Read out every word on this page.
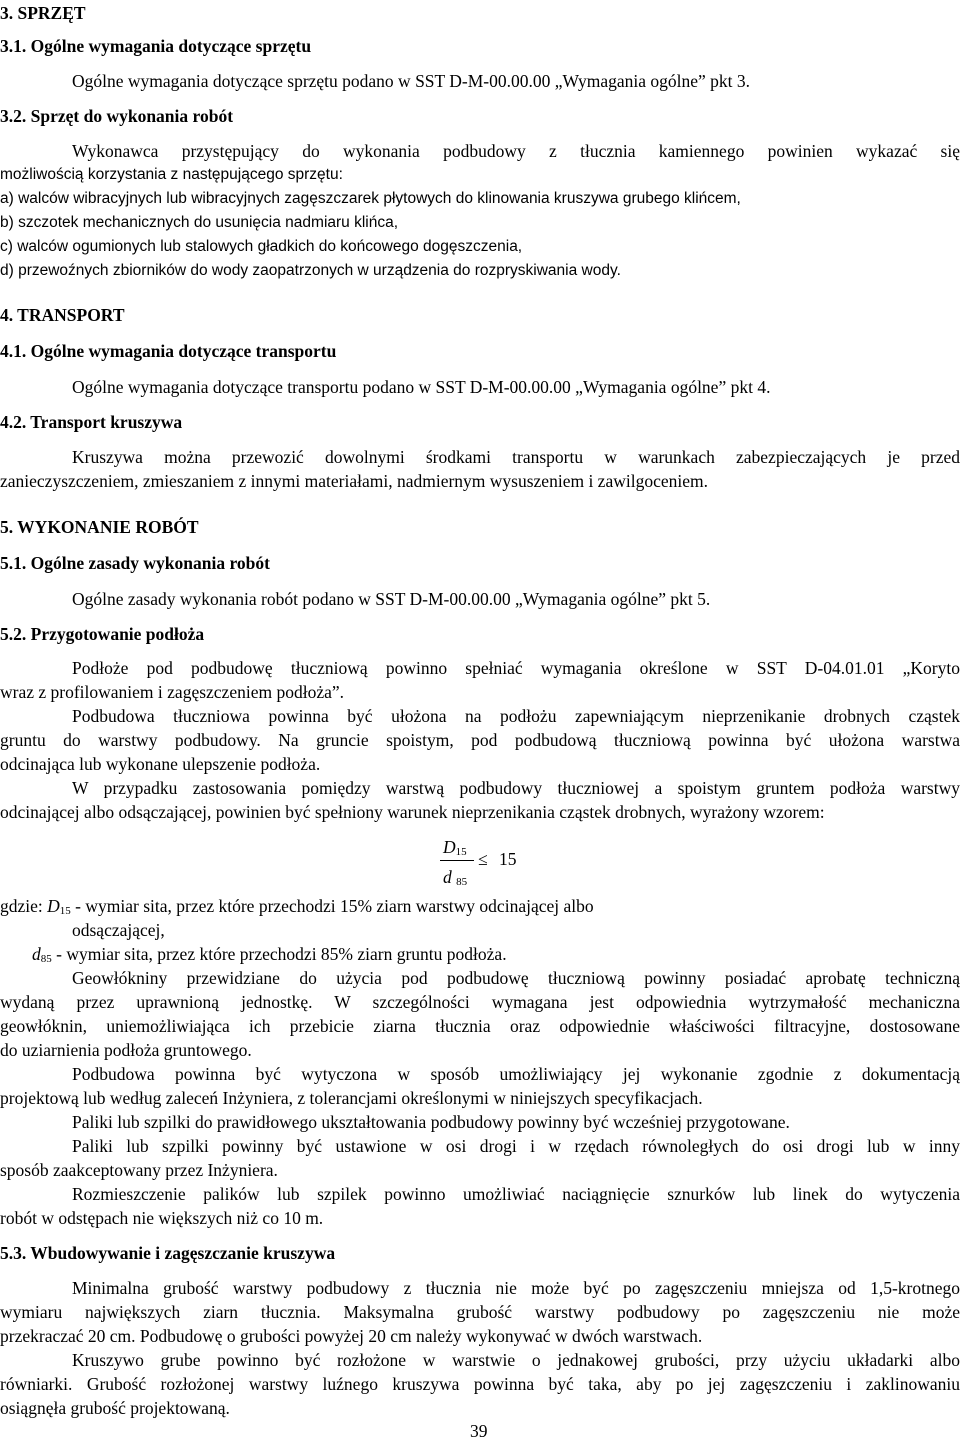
3. SPRZĘT

3.1. Ogólne wymagania dotyczące sprzętu

Ogólne wymagania dotyczące sprzętu podano w SST D-M-00.00.00 „Wymagania ogólne” pkt 3.

3.2. Sprzęt do wykonania robót

Wykonawca przystępujący do wykonania podbudowy z tłucznia kamiennego powinien wykazać się

możliwością korzystania z następującego sprzętu:

a) walców wibracyjnych lub wibracyjnych zagęszczarek płytowych do klinowania kruszywa grubego klińcem,

b) szczotek mechanicznych do usunięcia nadmiaru klińca,

c) walców ogumionych lub stalowych gładkich do końcowego dogęszczenia,

d) przewoźnych zbiorników do wody zaopatrzonych w urządzenia do rozpryskiwania wody.

4. TRANSPORT

4.1. Ogólne wymagania dotyczące transportu

Ogólne wymagania dotyczące transportu podano w SST D-M-00.00.00 „Wymagania ogólne” pkt 4.

4.2. Transport kruszywa

Kruszywa można przewozić dowolnymi środkami transportu w warunkach zabezpieczających je przed

zanieczyszczeniem, zmieszaniem z innymi materiałami, nadmiernym wysuszeniem i zawilgoceniem.

5. WYKONANIE ROBÓT

5.1. Ogólne zasady wykonania robót

Ogólne zasady wykonania robót podano w SST D-M-00.00.00 „Wymagania ogólne” pkt 5.

5.2. Przygotowanie podłoża

Podłoże pod podbudowę tłuczniową powinno spełniać wymagania określone w SST D-04.01.01 „Koryto

wraz z profilowaniem i zagęszczeniem podłoża”.

Podbudowa tłuczniowa powinna być ułożona na podłożu zapewniającym nieprzenikanie drobnych cząstek

gruntu do warstwy podbudowy. Na gruncie spoistym, pod podbudową tłuczniową powinna być ułożona warstwa

odcinająca lub wykonane ulepszenie podłoża.

W przypadku zastosowania pomiędzy warstwą podbudowy tłuczniowej a spoistym gruntem podłoża warstwy

odcinającej albo odsączającej, powinien być spełniony warunek nieprzenikania cząstek drobnych, wyrażony wzorem:

$D_{15}$
d $_{85}$
≤ 15

gdzie: $D_{15}$ - wymiar sita, przez które przechodzi 15% ziarn warstwy odcinającej albo

odsączającej,

$d_{85}$ - wymiar sita, przez które przechodzi 85% ziarn gruntu podłoża.

Geowłókniny przewidziane do użycia pod podbudowę tłuczniową powinny posiadać aprobatę techniczną

wydaną przez uprawnioną jednostkę. W szczególności wymagana jest odpowiednia wytrzymałość mechaniczna

geowłóknin, uniemożliwiająca ich przebicie ziarna tłucznia oraz odpowiednie właściwości filtracyjne, dostosowane

do uziarnienia podłoża gruntowego.

Podbudowa powinna być wytyczona w sposób umożliwiający jej wykonanie zgodnie z dokumentacją

projektową lub według zaleceń Inżyniera, z tolerancjami określonymi w niniejszych specyfikacjach.

Paliki lub szpilki do prawidłowego ukształtowania podbudowy powinny być wcześniej przygotowane.

Paliki lub szpilki powinny być ustawione w osi drogi i w rzędach równoległych do osi drogi lub w inny

sposób zaakceptowany przez Inżyniera.

Rozmieszczenie palików lub szpilek powinno umożliwiać naciągnięcie sznurków lub linek do wytyczenia

robót w odstępach nie większych niż co 10 m.

5.3. Wbudowywanie i zagęszczanie kruszywa

Minimalna grubość warstwy podbudowy z tłucznia nie może być po zagęszczeniu mniejsza od 1,5-krotnego

wymiaru największych ziarn tłucznia. Maksymalna grubość warstwy podbudowy po zagęszczeniu nie może

przekraczać 20 cm. Podbudowę o grubości powyżej 20 cm należy wykonywać w dwóch warstwach.

Kruszywo grube powinno być rozłożone w warstwie o jednakowej grubości, przy użyciu układarki albo

równiarki. Grubość rozłożonej warstwy luźnego kruszywa powinna być taka, aby po jej zagęszczeniu i zaklinowaniu

osiągnęła grubość projektowaną.

39
